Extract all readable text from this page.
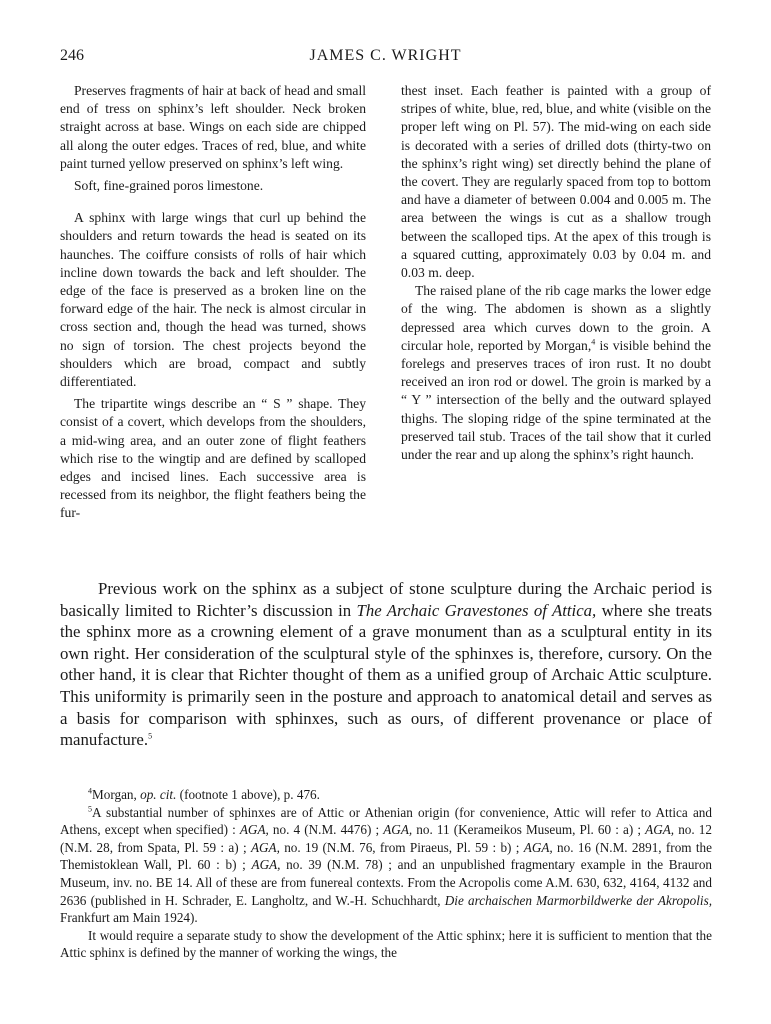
246	JAMES C. WRIGHT

Preserves fragments of hair at back of head and small end of tress on sphinx’s left shoulder. Neck broken straight across at base. Wings on each side are chipped all along the outer edges. Traces of red, blue, and white paint turned yellow preserved on sphinx’s left wing.

Soft, fine-grained poros limestone.

A sphinx with large wings that curl up behind the shoulders and return towards the head is seated on its haunches. The coiffure consists of rolls of hair which incline down towards the back and left shoulder. The edge of the face is preserved as a broken line on the forward edge of the hair. The neck is almost circular in cross section and, though the head was turned, shows no sign of torsion. The chest projects beyond the shoulders which are broad, compact and subtly differentiated.

The tripartite wings describe an “ S ” shape. They consist of a covert, which develops from the shoulders, a mid-wing area, and an outer zone of flight feathers which rise to the wingtip and are defined by scalloped edges and incised lines. Each successive area is recessed from its neighbor, the flight feathers being the fur-

thest inset. Each feather is painted with a group of stripes of white, blue, red, blue, and white (visible on the proper left wing on Pl. 57). The mid-wing on each side is decorated with a series of drilled dots (thirty-two on the sphinx’s right wing) set directly behind the plane of the covert. They are regularly spaced from top to bottom and have a diameter of between 0.004 and 0.005 m. The area between the wings is cut as a shallow trough between the scalloped tips. At the apex of this trough is a squared cutting, approximately 0.03 by 0.04 m. and 0.03 m. deep.

The raised plane of the rib cage marks the lower edge of the wing. The abdomen is shown as a slightly depressed area which curves down to the groin. A circular hole, reported by Morgan,$^4$ is visible behind the forelegs and preserves traces of iron rust. It no doubt received an iron rod or dowel. The groin is marked by a “ Y ” intersection of the belly and the outward splayed thighs. The sloping ridge of the spine terminated at the preserved tail stub. Traces of the tail show that it curled under the rear and up along the sphinx’s right haunch.

Previous work on the sphinx as a subject of stone sculpture during the Archaic period is basically limited to Richter’s discussion in The Archaic Gravestones of Attica, where she treats the sphinx more as a crowning element of a grave monument than as a sculptural entity in its own right. Her consideration of the sculptural style of the sphinxes is, therefore, cursory. On the other hand, it is clear that Richter thought of them as a unified group of Archaic Attic sculpture. This uniformity is primarily seen in the posture and approach to anatomical detail and serves as a basis for comparison with sphinxes, such as ours, of different provenance or place of manufacture.$^5$

$^4$Morgan, op. cit. (footnote 1 above), p. 476.

$^5$A substantial number of sphinxes are of Attic or Athenian origin (for convenience, Attic will refer to Attica and Athens, except when specified) : AGA, no. 4 (N.M. 4476) ; AGA, no. 11 (Kerameikos Museum, Pl. 60 : a) ; AGA, no. 12 (N.M. 28, from Spata, Pl. 59 : a) ; AGA, no. 19 (N.M. 76, from Piraeus, Pl. 59 : b) ; AGA, no. 16 (N.M. 2891, from the Themistoklean Wall, Pl. 60 : b) ; AGA, no. 39 (N.M. 78) ; and an unpublished fragmentary example in the Brauron Museum, inv. no. BE 14. All of these are from funereal contexts. From the Acropolis come A.M. 630, 632, 4164, 4132 and 2636 (published in H. Schrader, E. Langholtz, and W.-H. Schuchhardt, Die archaischen Marmorbildwerke der Akropolis, Frankfurt am Main 1924).

It would require a separate study to show the development of the Attic sphinx; here it is sufficient to mention that the Attic sphinx is defined by the manner of working the wings, the
